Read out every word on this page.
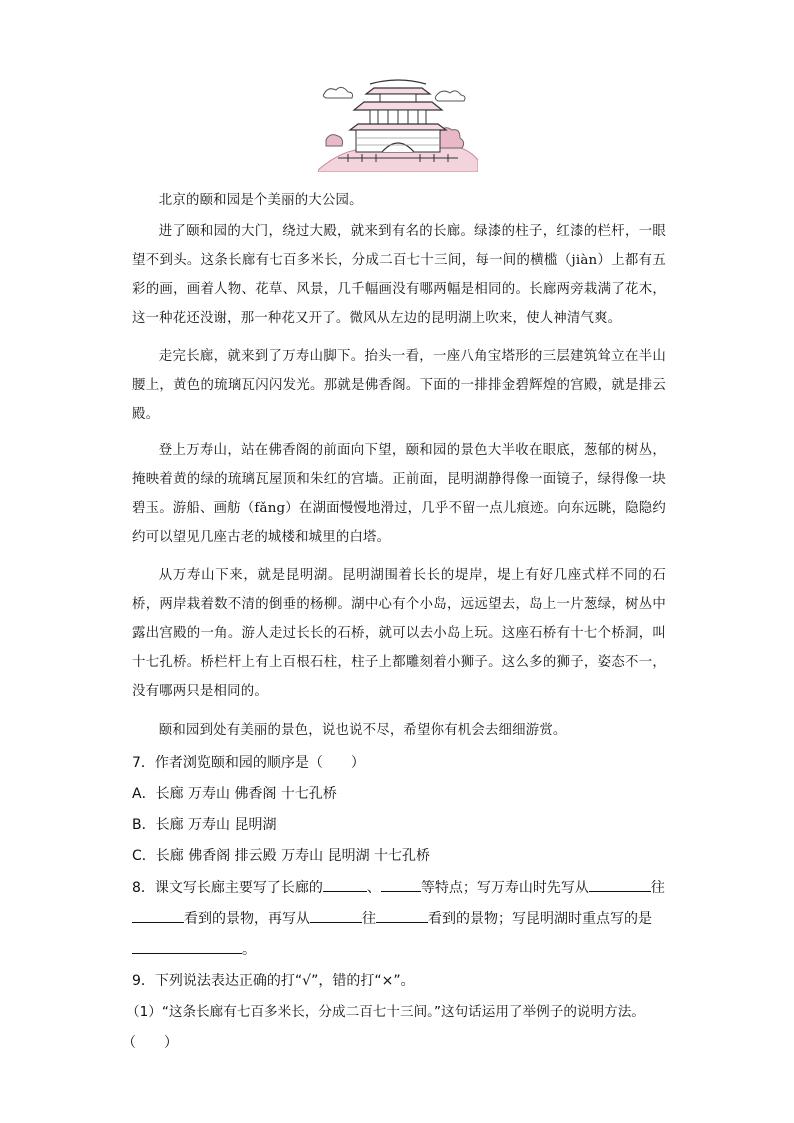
北京的颐和园是个美丽的大公园。

进了颐和园的大门，绕过大殿，就来到有名的长廊。绿漆的柱子，红漆的栏杆，一眼望不到头。这条长廊有七百多米长，分成二百七十三间，每一间的横槛（jiàn）上都有五彩的画，画着人物、花草、风景，几千幅画没有哪两幅是相同的。长廊两旁栽满了花木，这一种花还没谢，那一种花又开了。微风从左边的昆明湖上吹来，使人神清气爽。

走完长廊，就来到了万寿山脚下。抬头一看，一座八角宝塔形的三层建筑耸立在半山腰上，黄色的琉璃瓦闪闪发光。那就是佛香阁。下面的一排排金碧辉煌的宫殿，就是排云殿。

登上万寿山，站在佛香阁的前面向下望，颐和园的景色大半收在眼底，葱郁的树丛，掩映着黄的绿的琉璃瓦屋顶和朱红的宫墙。正前面，昆明湖静得像一面镜子，绿得像一块碧玉。游船、画舫（fǎng）在湖面慢慢地滑过，几乎不留一点儿痕迹。向东远眺，隐隐约约可以望见几座古老的城楼和城里的白塔。

从万寿山下来，就是昆明湖。昆明湖围着长长的堤岸，堤上有好几座式样不同的石桥，两岸栽着数不清的倒垂的杨柳。湖中心有个小岛，远远望去，岛上一片葱绿，树丛中露出宫殿的一角。游人走过长长的石桥，就可以去小岛上玩。这座石桥有十七个桥洞，叫十七孔桥。桥栏杆上有上百根石柱，柱子上都雕刻着小狮子。这么多的狮子，姿态不一，没有哪两只是相同的。

颐和园到处有美丽的景色，说也说不尽，希望你有机会去细细游赏。

7．作者浏览颐和园的顺序是（　　）
A．长廊 万寿山 佛香阁 十七孔桥
B．长廊 万寿山 昆明湖
C．长廊 佛香阁 排云殿 万寿山 昆明湖 十七孔桥
8．课文写长廊主要写了长廊的	、	等特点；写万寿山时先写从	往
看到的景物，再写从	往	看到的景物；写昆明湖时重点写的是
。
9．下列说法表达正确的打“√”，错的打“×”。
（1）“这条长廊有七百多米长，分成二百七十三间。”这句话运用了举例子的说明方法。
（　　）
